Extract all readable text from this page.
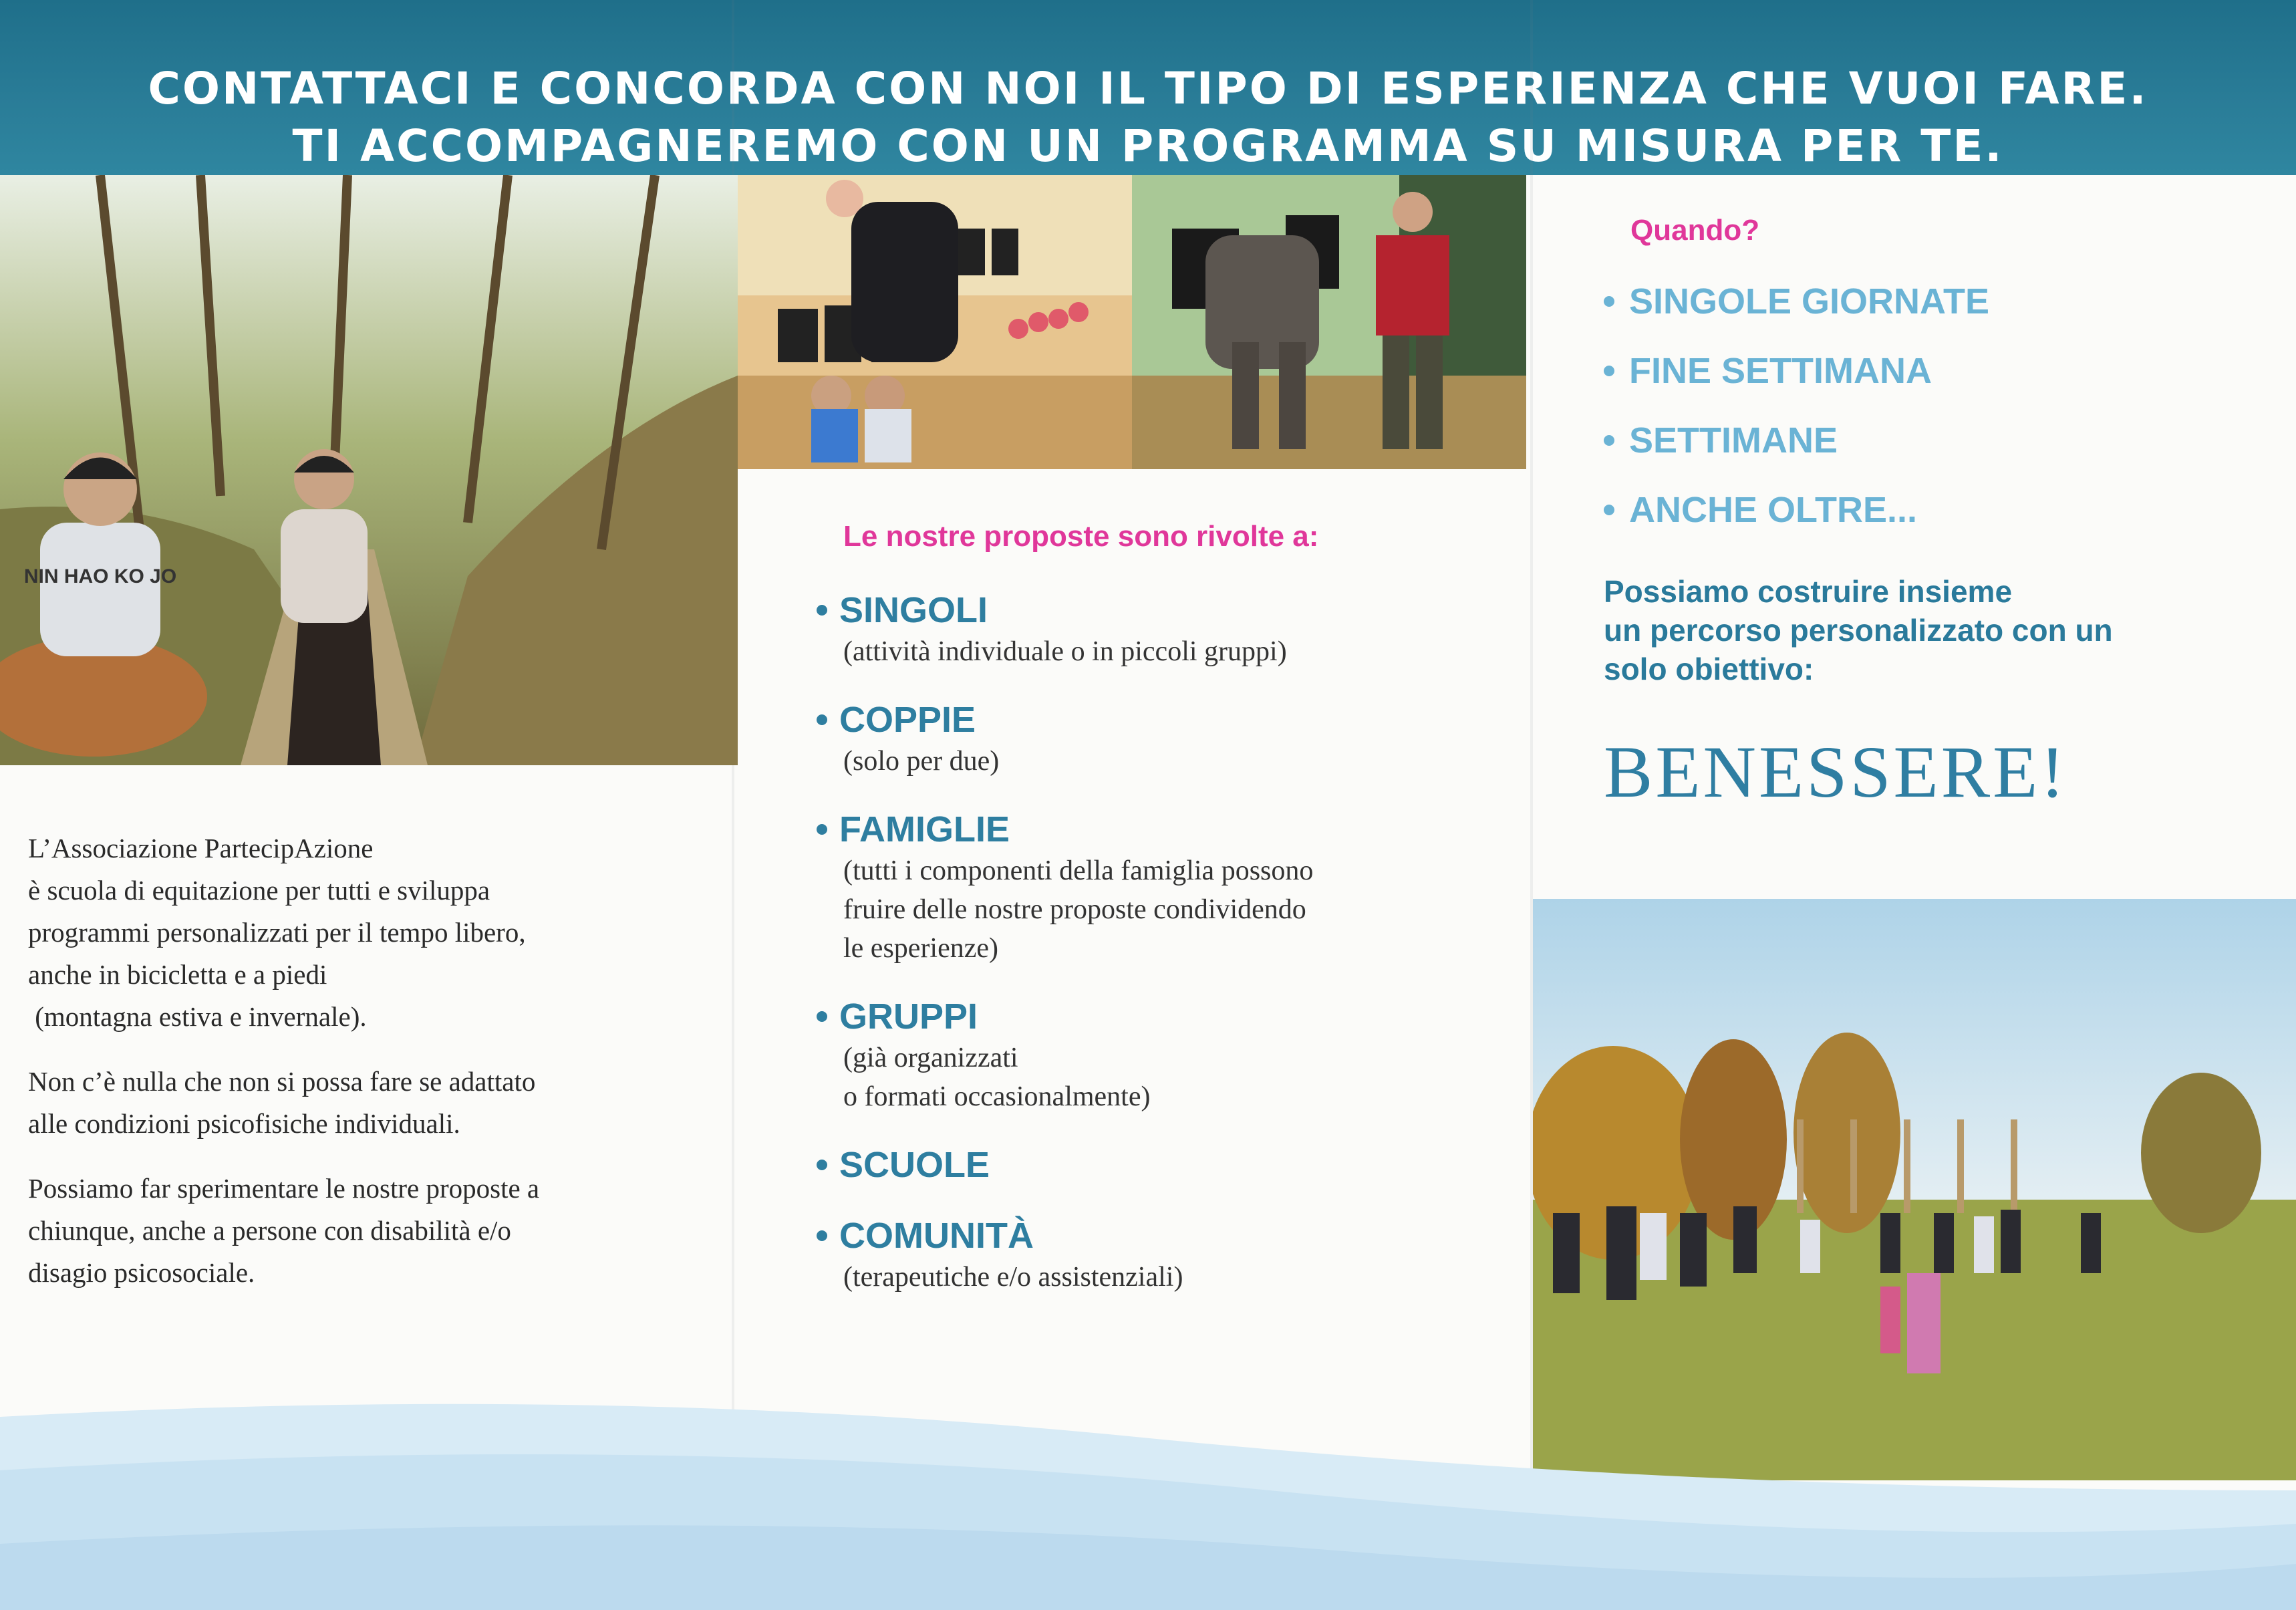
CONTATTACI E CONCORDA CON NOI IL TIPO DI ESPERIENZA CHE VUOI FARE.
TI ACCOMPAGNEREMO CON UN PROGRAMMA SU MISURA PER TE.
NIN HAO KO JO

L’Associazione PartecipAzione
è scuola di equitazione per tutti e sviluppa
programmi personalizzati per il tempo libero,
anche in bicicletta e a piedi
(montagna estiva e invernale).

Non c’è nulla che non si possa fare se adattato
alle condizioni psicofisiche individuali.

Possiamo far sperimentare le nostre proposte a
chiunque, anche a persone con disabilità e/o
disagio psicosociale.

Le nostre proposte sono rivolte a:
SINGOLI
(attività individuale o in piccoli gruppi)
COPPIE
(solo per due)
FAMIGLIE
(tutti i componenti della famiglia possono
fruire delle nostre proposte condividendo
le esperienze)
GRUPPI
(già organizzati
o formati occasionalmente)
SCUOLE
COMUNITÀ
(terapeutiche e/o assistenziali)
Quando?
SINGOLE GIORNATE
FINE SETTIMANA
SETTIMANE
ANCHE OLTRE...
Possiamo costruire insieme
un percorso personalizzato con un
solo obiettivo:
BENESSERE!
